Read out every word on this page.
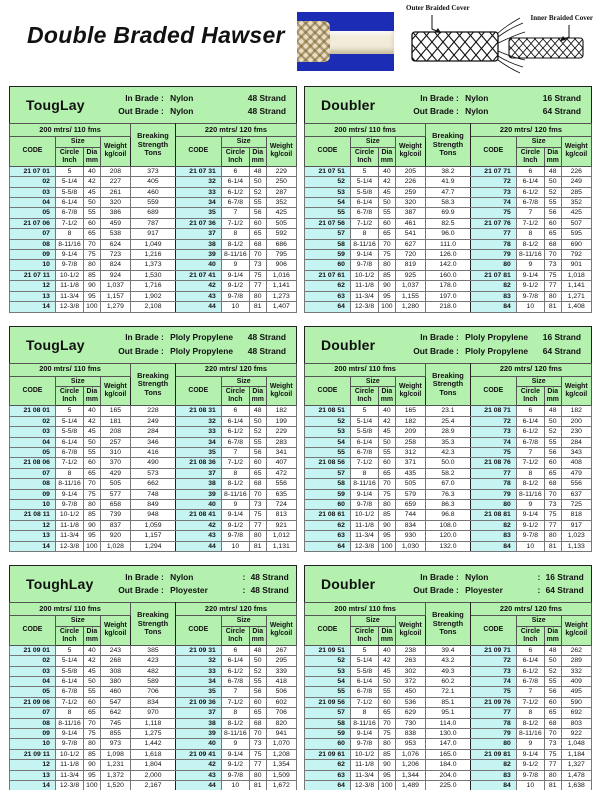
Double Braded Hawser
Outer Braided Cover
Inner Braided Cover
TougLay	In Brade : Nylon	48 Strand
Out Brade : Nylon	48 Strand
200 mtrs/ 110 fms				Breaking Strength Tons	220 mtrs/ 120 fms			
CODE	Size		Weight kg/coil		CODE	Size		Weight kg/coil
	Circle Inch	Dia mm				Circle Inch	Dia mm	
21 07 01	5	40	208	373	21 07 31	6	48	229
02	5-1/4	42	227	405	32	6-1/4	50	250
03	5-5/8	45	261	460	33	6-1/2	52	287
04	6-1/4	50	320	559	34	6-7/8	55	352
05	6-7/8	55	386	689	35	7	56	425
21 07 06	7-1/2	60	459	787	21 07 36	7-1/2	60	505
07	8	65	538	917	37	8	65	592
08	8-11/16	70	624	1,049	38	8-1/2	68	686
09	9-1/4	75	723	1,216	39	8-11/16	70	795
10	9-7/8	80	824	1,373	40	9	73	906
21 07 11	10-1/2	85	924	1,530	21 07 41	9-1/4	75	1,016
12	11-1/8	90	1,037	1,716	42	9-1/2	77	1,141
13	11-3/4	95	1,157	1,902	43	9-7/8	80	1,273
14	12-3/8	100	1,279	2,108	44	10	81	1,407
Doubler	In Brade : Nylon	16 Strand
Out Brade : Nylon	64 Strand
200 mtrs/ 110 fms				Breaking Strength Tons	220 mtrs/ 120 fms			
CODE	Size		Weight kg/coil		CODE	Size		Weight kg/coil
	Circle Inch	Dia mm				Circle Inch	Dia mm	
21 07 51	5	40	205	38.2	21 07 71	6	48	226
52	5-1/4	42	226	41.9	72	6-1/4	50	249
53	5-5/8	45	259	47.7	73	6-1/2	52	285
54	6-1/4	50	320	58.3	74	6-7/8	55	352
55	6-7/8	55	387	69.9	75	7	56	425
21 07 56	7-1/2	60	461	82.5	21 07 76	7-1/2	60	507
57	8	65	541	96.0	77	8	65	595
58	8-11/16	70	627	111.0	78	8-1/2	68	690
59	9-1/4	75	720	126.0	79	8-11/16	70	792
60	9-7/8	80	819	142.0	80	9	73	901
21 07 61	10-1/2	85	925	160.0	21 07 81	9-1/4	75	1,018
62	11-1/8	90	1,037	178.0	82	9-1/2	77	1,141
63	11-3/4	95	1,155	197.0	83	9-7/8	80	1,271
64	12-3/8	100	1,280	218.0	84	10	81	1,408
TougLay	In Brade : Ploly Propylene 48 Strand
Out Brade : Ploly Propylene 48 Strand
200 mtrs/ 110 fms				Breaking Strength Tons	220 mtrs/ 120 fms			
CODE	Size		Weight kg/coil		CODE	Size		Weight kg/coil
	Circle Inch	Dia mm				Circle Inch	Dia mm	
21 08 01	5	40	165	228	21 08 31	6	48	182
02	5-1/4	42	181	249	32	6-1/4	50	199
03	5-5/8	45	208	284	33	6-1/2	52	229
04	6-1/4	50	257	346	34	6-7/8	55	283
05	6-7/8	55	310	416	35	7	56	341
21 08 06	7-1/2	60	370	490	21 08 36	7-1/2	60	407
07	8	65	429	573	37	8	65	472
08	8-11/16	70	505	662	38	8-1/2	68	556
09	9-1/4	75	577	748	39	8-11/16	70	635
10	9-7/8	80	658	849	40	9	73	724
21 08 11	10-1/2	85	739	948	21 08 41	9-1/4	75	813
12	11-1/8	90	837	1,059	42	9-1/2	77	921
13	11-3/4	95	920	1,157	43	9-7/8	80	1,012
14	12-3/8	100	1,028	1,294	44	10	81	1,131
Doubler	In Brade : Ploly Propylene 16 Strand
Out Brade : Ploly Propylene 64 Strand
200 mtrs/ 110 fms				Breaking Strength Tons	220 mtrs/ 120 fms			
CODE	Size		Weight kg/coil		CODE	Size		Weight kg/coil
	Circle Inch	Dia mm				Circle Inch	Dia mm	
21 08 51	5	40	165	23.1	21 08 71	6	48	182
52	5-1/4	42	182	25.4	72	6-1/4	50	200
53	5-5/8	45	209	28.9	73	6-1/2	52	230
54	6-1/4	50	258	35.3	74	6-7/8	55	284
55	6-7/8	55	312	42.3	75	7	56	343
21 08 56	7-1/2	60	371	50.0	21 08 76	7-1/2	60	408
57	8	65	435	58.2	77	8	65	479
58	8-11/16	70	505	67.0	78	8-1/2	68	556
59	9-1/4	75	579	76.3	79	8-11/16	70	637
60	9-7/8	80	659	86.3	80	9	73	725
21 08 61	10-1/2	85	744	96.8	21 08 81	9-1/4	75	818
62	11-1/8	90	834	108.0	82	9-1/2	77	917
63	11-3/4	95	930	120.0	83	9-7/8	80	1,023
64	12-3/8	100	1,030	132.0	84	10	81	1,133
ToughLay	In Brade : Nylon	: 48 Strand
Out Brade : Ployester	: 48 Strand
200 mtrs/ 110 fms				Breaking Strength Tons	220 mtrs/ 120 fms			
CODE	Size		Weight kg/coil		CODE	Size		Weight kg/coil
	Circle Inch	Dia mm				Circle Inch	Dia mm	
21 09 01	5	40	243	385	21 09 31	6	48	267
02	5-1/4	42	268	423	32	6-1/4	50	295
03	5-5/8	45	308	482	33	6-1/2	52	339
04	6-1/4	50	380	589	34	6-7/8	55	418
05	6-7/8	55	460	706	35	7	56	506
21 09 06	7-1/2	60	547	834	21 09 36	7-1/2	60	602
07	8	65	642	970	37	8	65	706
08	8-11/16	70	745	1,118	38	8-1/2	68	820
09	9-1/4	75	855	1,275	39	8-11/16	70	941
10	9-7/8	80	973	1,442	40	9	73	1,070
21 09 11	10-1/2	85	1,098	1,618	21 09 41	9-1/4	75	1,208
12	11-1/8	90	1,231	1,804	42	9-1/2	77	1,354
13	11-3/4	95	1,372	2,000	43	9-7/8	80	1,509
14	12-3/8	100	1,520	2,167	44	10	81	1,672
Doubler	In Brade : Nylon	: 16 Strand
Out Brade : Ployester	: 64 Strand
200 mtrs/ 110 fms				Breaking Strength Tons	220 mtrs/ 120 fms			
CODE	Size		Weight kg/coil		CODE	Size		Weight kg/coil
	Circle Inch	Dia mm				Circle Inch	Dia mm	
21 09 51	5	40	238	39.4	21 09 71	6	48	262
52	5-1/4	42	263	43.2	72	6-1/4	50	289
53	5-5/8	45	302	49.3	73	6-1/2	52	332
54	6-1/4	50	372	60.2	74	6-7/8	55	409
55	6-7/8	55	450	72.1	75	7	56	495
21 09 56	7-1/2	60	536	85.1	21 09 76	7-1/2	60	590
57	8	65	629	95.1	77	8	65	692
58	8-11/16	70	730	114.0	78	8-1/2	68	803
59	9-1/4	75	838	130.0	79	8-11/16	70	922
60	9-7/8	80	953	147.0	80	9	73	1,048
21 09 61	10-1/2	85	1,076	165.0	21 09 81	9-1/4	75	1,184
62	11-1/8	90	1,206	184.0	82	9-1/2	77	1,327
63	11-3/4	95	1,344	204.0	83	9-7/8	80	1,478
64	12-3/8	100	1,489	225.0	84	10	81	1,638
